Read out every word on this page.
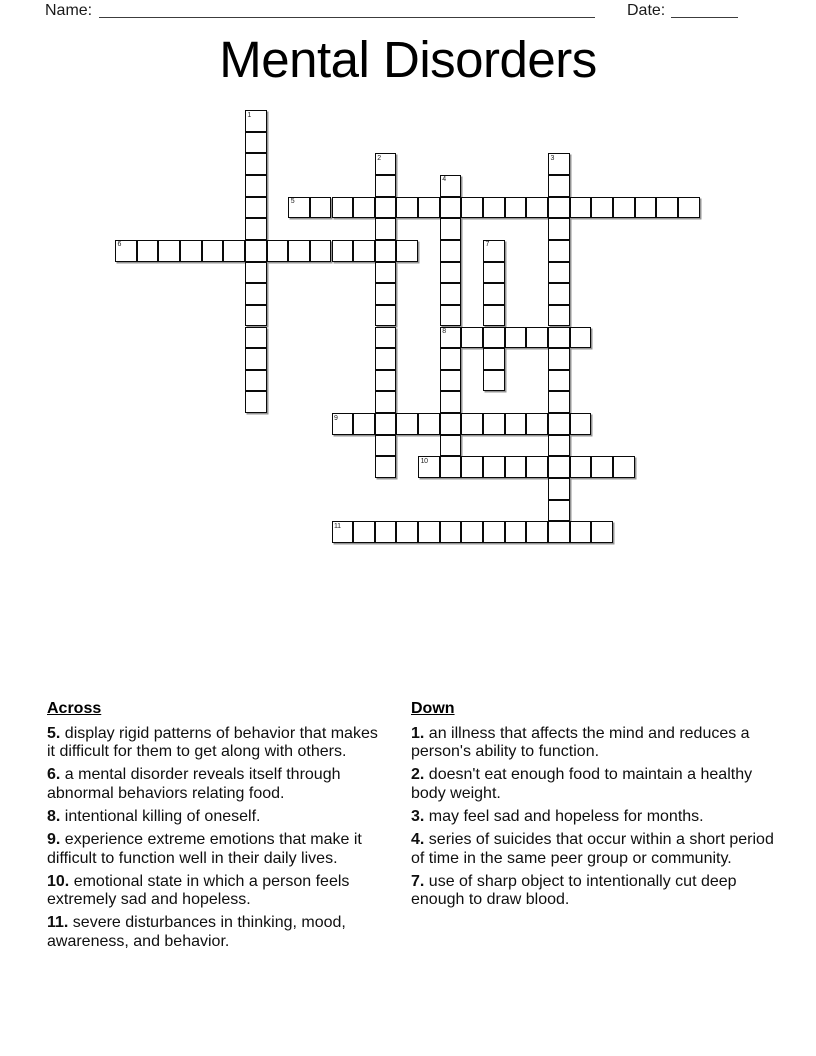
Name:	Date:
Mental Disorders
1
2	3
4
5
6	7
8
9
10
11
Across

5. display rigid patterns of behavior that makes it difficult for them to get along with others.

6. a mental disorder reveals itself through abnormal behaviors relating food.

8. intentional killing of oneself.

9. experience extreme emotions that make it difficult to function well in their daily lives.

10. emotional state in which a person feels extremely sad and hopeless.

11. severe disturbances in thinking, mood, awareness, and behavior.

Down

1. an illness that affects the mind and reduces a person's ability to function.

2. doesn't eat enough food to maintain a healthy body weight.

3. may feel sad and hopeless for months.

4. series of suicides that occur within a short period of time in the same peer group or community.

7. use of sharp object to intentionally cut deep enough to draw blood.
